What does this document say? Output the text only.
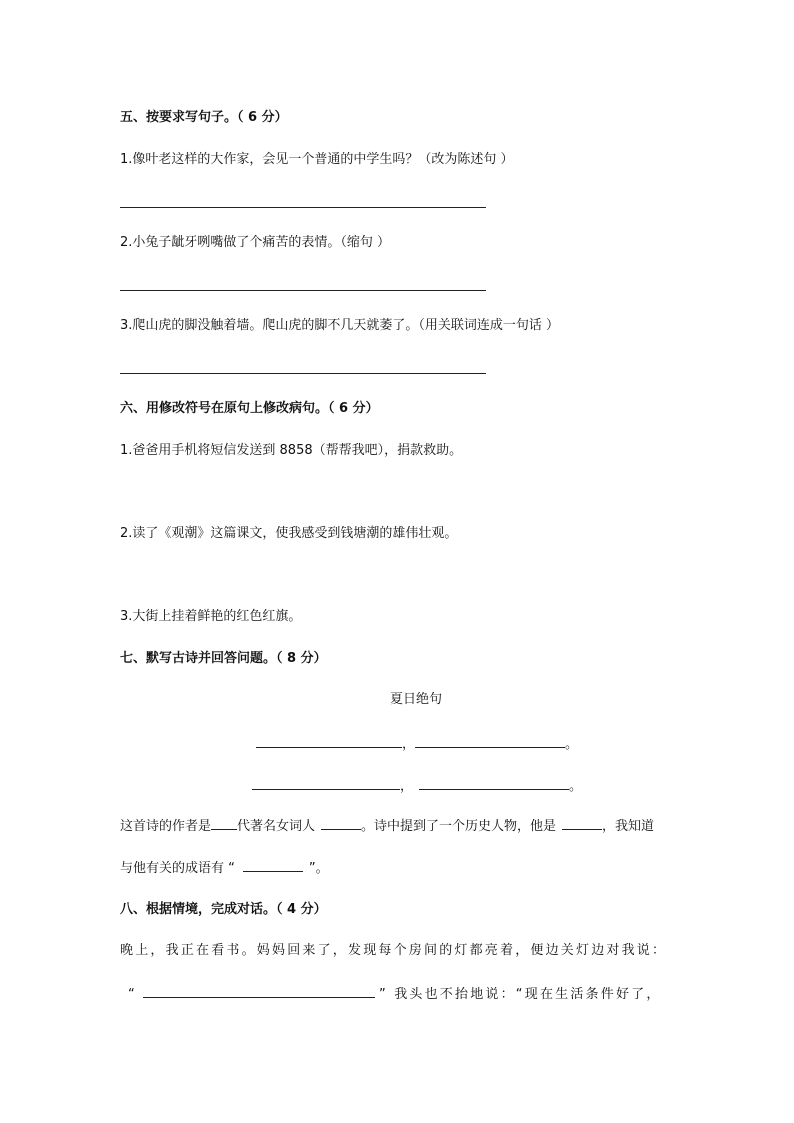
五、按要求写句子。（ 6 分）
1.像叶老这样的大作家，会见一个普通的中学生吗？（改为陈述句 ）
2.小兔子龇牙咧嘴做了个痛苦的表情。（缩句 ）
3.爬山虎的脚没触着墙。爬山虎的脚不几天就萎了。（用关联词连成一句话 ）
六、用修改符号在原句上修改病句。（ 6 分）
1.爸爸用手机将短信发送到 8858（帮帮我吧），捐款救助。
2.读了《观潮》这篇课文，使我感受到钱塘潮的雄伟壮观。
3.大街上挂着鲜艳的红色红旗。
七、默写古诗并回答问题。（ 8 分）
夏日绝句
，	。
，	。
这首诗的作者是 代著名女词人	。诗中提到了一个历史人物，他是	，我知道
与他有关的成语有 “	”。
八、根据情境，完成对话。（ 4 分）
晚上，我正在看书。妈妈回来了，发现每个房间的灯都亮着，便边关灯边对我说：
“	” 我头也不抬地说：“现在生活条件好了，
